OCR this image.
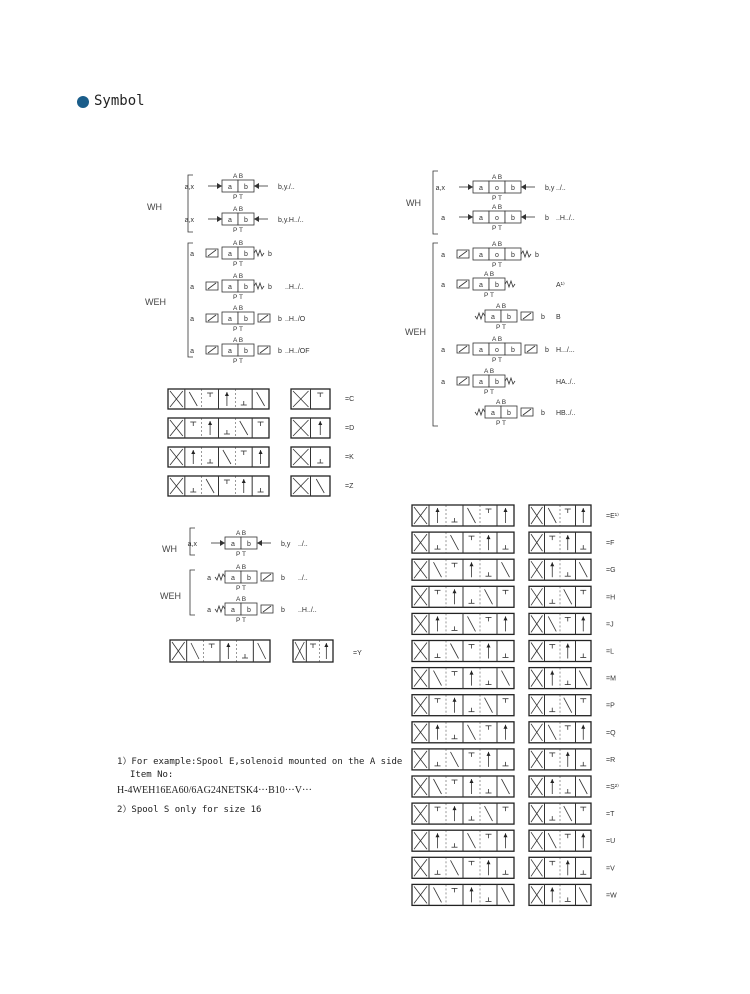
Symbol
WH
WEH
WH
WEH
WH
WEH
a b
A B
P T
a,x	b,y
../..
a b
A B
P T
a,x	b,y
..H../..
a b
A B
P T
a	b
a b
A B
P T
a	b ..H../..
a b
A B
P T
a	b ..H../O
a b
A B
P T
a	b ..H../OF
a o b
A B
P T
a,x	b,y ../..
a o b
A B
P T
a	b ..H../..
a o b
A B
P T
a	b
a b
A B
P T
a	A¹⁾
a b
A B
P T
b B
a o b
A B
P T
a	b H.../...
a b
A B
P T
a	HA../..
a b
A B
P T
b HB../..
=C
=D
=K
=Z
a b
A B
P T
a,x	b,y ../..
a b
A B
P T
a	b ../..
a b
A B
P T
a	b ..H../..
=Y
=E¹⁾
=F
=G
=H
=J
=L
=M
=P
=Q
=R
=S²⁾
=T
=U
=V
=W
1）For example:Spool E,solenoid mounted on the A side
Item No:
H-4WEH16EA60/6AG24NETSK4···B10···V···
2）Spool S only for size 16
